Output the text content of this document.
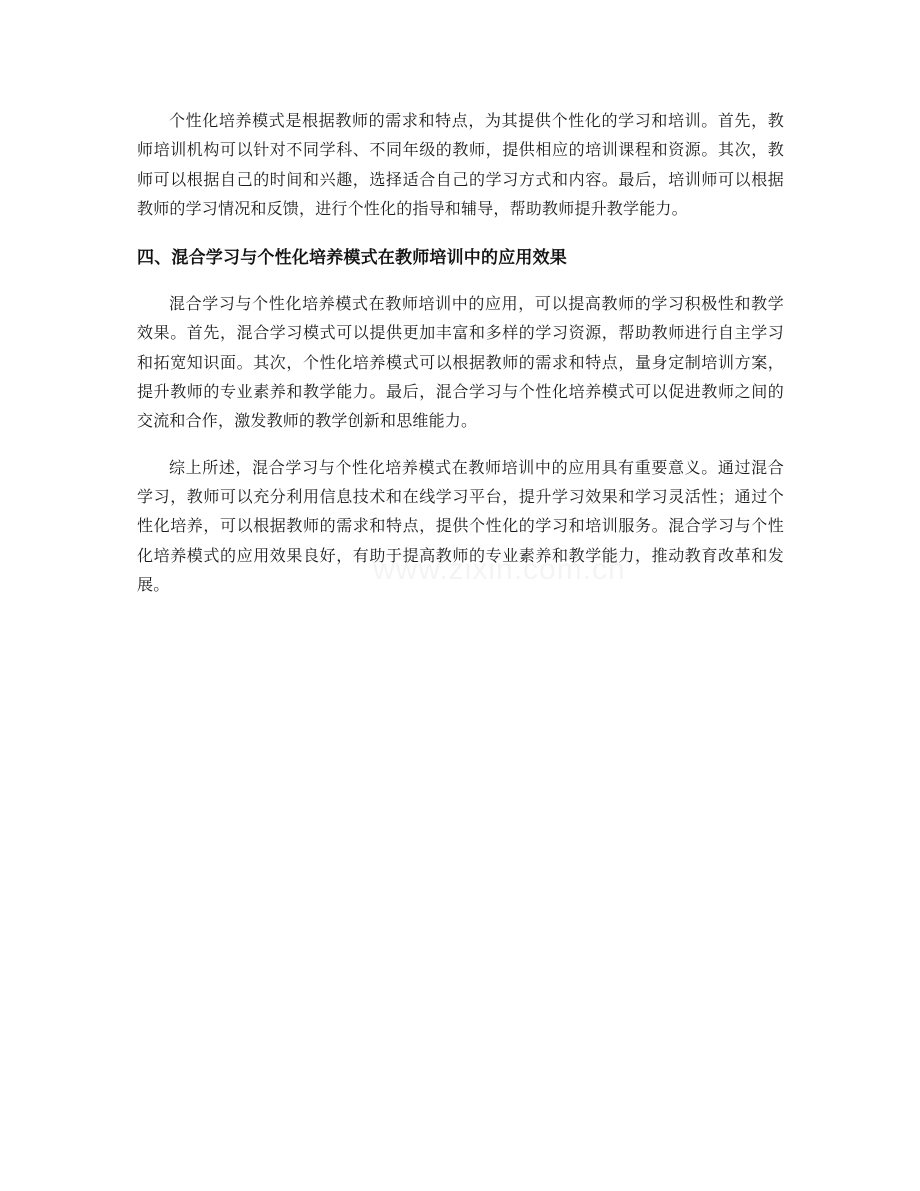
个性化培养模式是根据教师的需求和特点，为其提供个性化的学习和培训。首先，教师培训机构可以针对不同学科、不同年级的教师，提供相应的培训课程和资源。其次，教师可以根据自己的时间和兴趣，选择适合自己的学习方式和内容。最后，培训师可以根据教师的学习情况和反馈，进行个性化的指导和辅导，帮助教师提升教学能力。

四、混合学习与个性化培养模式在教师培训中的应用效果

混合学习与个性化培养模式在教师培训中的应用，可以提高教师的学习积极性和教学效果。首先，混合学习模式可以提供更加丰富和多样的学习资源，帮助教师进行自主学习和拓宽知识面。其次，个性化培养模式可以根据教师的需求和特点，量身定制培训方案，提升教师的专业素养和教学能力。最后，混合学习与个性化培养模式可以促进教师之间的交流和合作，激发教师的教学创新和思维能力。

综上所述，混合学习与个性化培养模式在教师培训中的应用具有重要意义。通过混合学习，教师可以充分利用信息技术和在线学习平台，提升学习效果和学习灵活性；通过个性化培养，可以根据教师的需求和特点，提供个性化的学习和培训服务。混合学习与个性化培养模式的应用效果良好，有助于提高教师的专业素养和教学能力，推动教育改革和发展。
